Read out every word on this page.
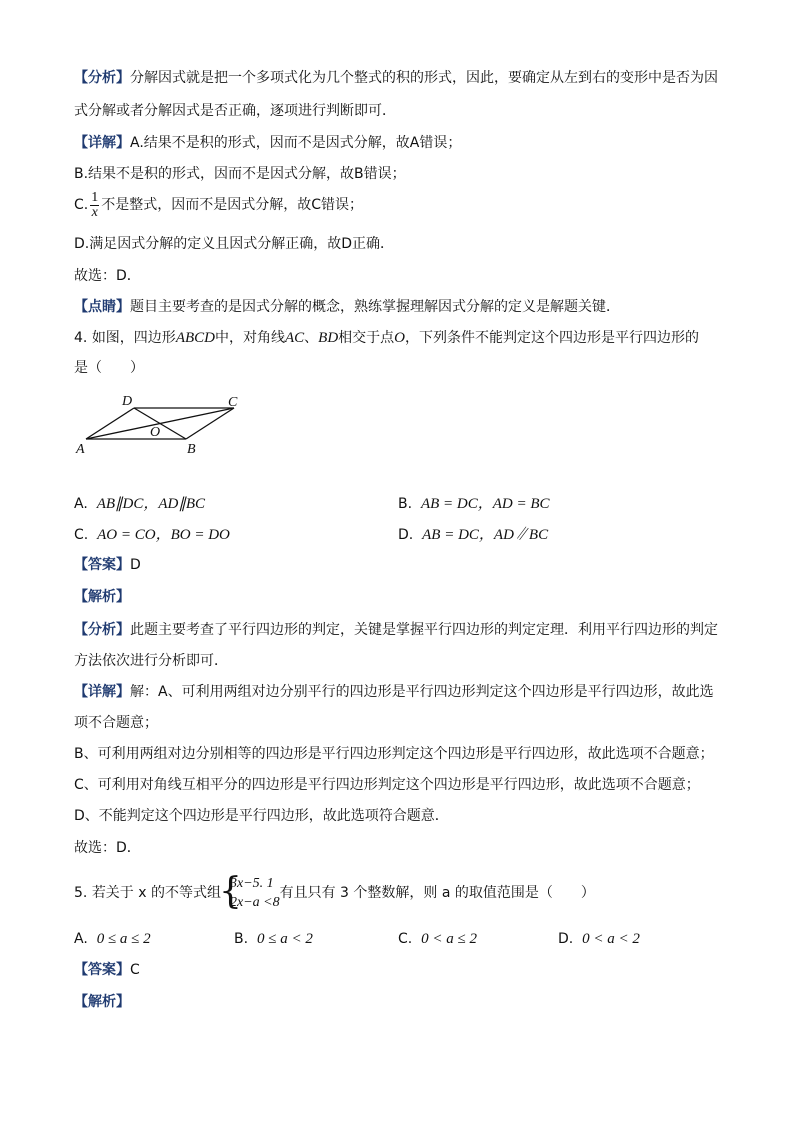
【分析】分解因式就是把一个多项式化为几个整式的积的形式，因此，要确定从左到右的变形中是否为因
式分解或者分解因式是否正确，逐项进行判断即可．
【详解】A.结果不是积的形式，因而不是因式分解，故A错误；
B.结果不是积的形式，因而不是因式分解，故B错误；
C. $\frac{1}{x}$ 不是整式，因而不是因式分解，故C错误；
D.满足因式分解的定义且因式分解正确，故D正确．
故选：D．
【点睛】题目主要考查的是因式分解的概念，熟练掌握理解因式分解的定义是解题关键．
4. 如图，四边形ABCD中，对角线AC、BD相交于点O，下列条件不能判定这个四边形是平行四边形的
是（　　）
D	C
O
A	B
A. AB∥DC，AD∥BC	B. AB = DC，AD = BC
C. AO = CO，BO = DO	D. AB = DC，AD∥BC
【答案】D
【解析】
【分析】此题主要考查了平行四边形的判定，关键是掌握平行四边形的判定定理．利用平行四边形的判定
方法依次进行分析即可．
【详解】解：A、可利用两组对边分别平行的四边形是平行四边形判定这个四边形是平行四边形，故此选
项不合题意；
B、可利用两组对边分别相等的四边形是平行四边形判定这个四边形是平行四边形，故此选项不合题意；
C、可利用对角线互相平分的四边形是平行四边形判定这个四边形是平行四边形，故此选项不合题意；
D、不能判定这个四边形是平行四边形，故此选项符合题意．
故选：D．
5. 若关于 x 的不等式组
{
3x−5. 1
2x−a <8
有且只有 3 个整数解，则 a 的取值范围是（　　）
A. 0 ≤ a ≤ 2	B. 0 ≤ a < 2	C. 0 < a ≤ 2	D. 0 < a < 2
【答案】C
【解析】
